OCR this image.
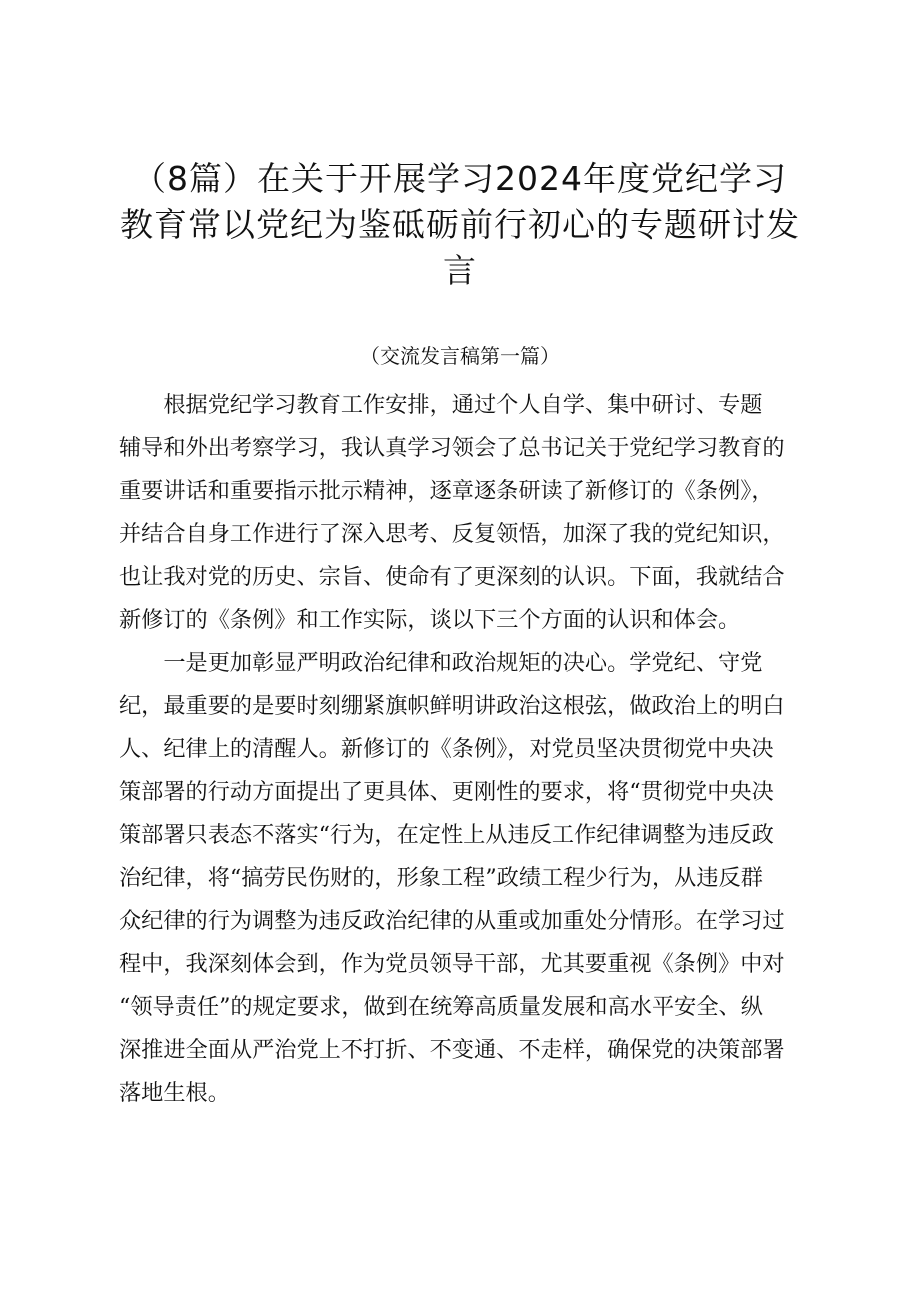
（8篇）在关于开展学习2024年度党纪学习
教育常以党纪为鉴砥砺前行初心的专题研讨发
言

（交流发言稿第一篇）

　　根据党纪学习教育工作安排，通过个人自学、集中研讨、专题
辅导和外出考察学习，我认真学习领会了总书记关于党纪学习教育的
重要讲话和重要指示批示精神，逐章逐条研读了新修订的《条例》，
并结合自身工作进行了深入思考、反复领悟，加深了我的党纪知识，
也让我对党的历史、宗旨、使命有了更深刻的认识。下面，我就结合
新修订的《条例》和工作实际，谈以下三个方面的认识和体会。
　　一是更加彰显严明政治纪律和政治规矩的决心。学党纪、守党
纪，最重要的是要时刻绷紧旗帜鲜明讲政治这根弦，做政治上的明白
人、纪律上的清醒人。新修订的《条例》，对党员坚决贯彻党中央决
策部署的行动方面提出了更具体、更刚性的要求，将“贯彻党中央决
策部署只表态不落实“行为，在定性上从违反工作纪律调整为违反政
治纪律，将“搞劳民伤财的，形象工程”政绩工程少行为，从违反群
众纪律的行为调整为违反政治纪律的从重或加重处分情形。在学习过
程中，我深刻体会到，作为党员领导干部，尤其要重视《条例》中对
“领导责任”的规定要求，做到在统筹高质量发展和高水平安全、纵
深推进全面从严治党上不打折、不变通、不走样，确保党的决策部署
落地生根。
